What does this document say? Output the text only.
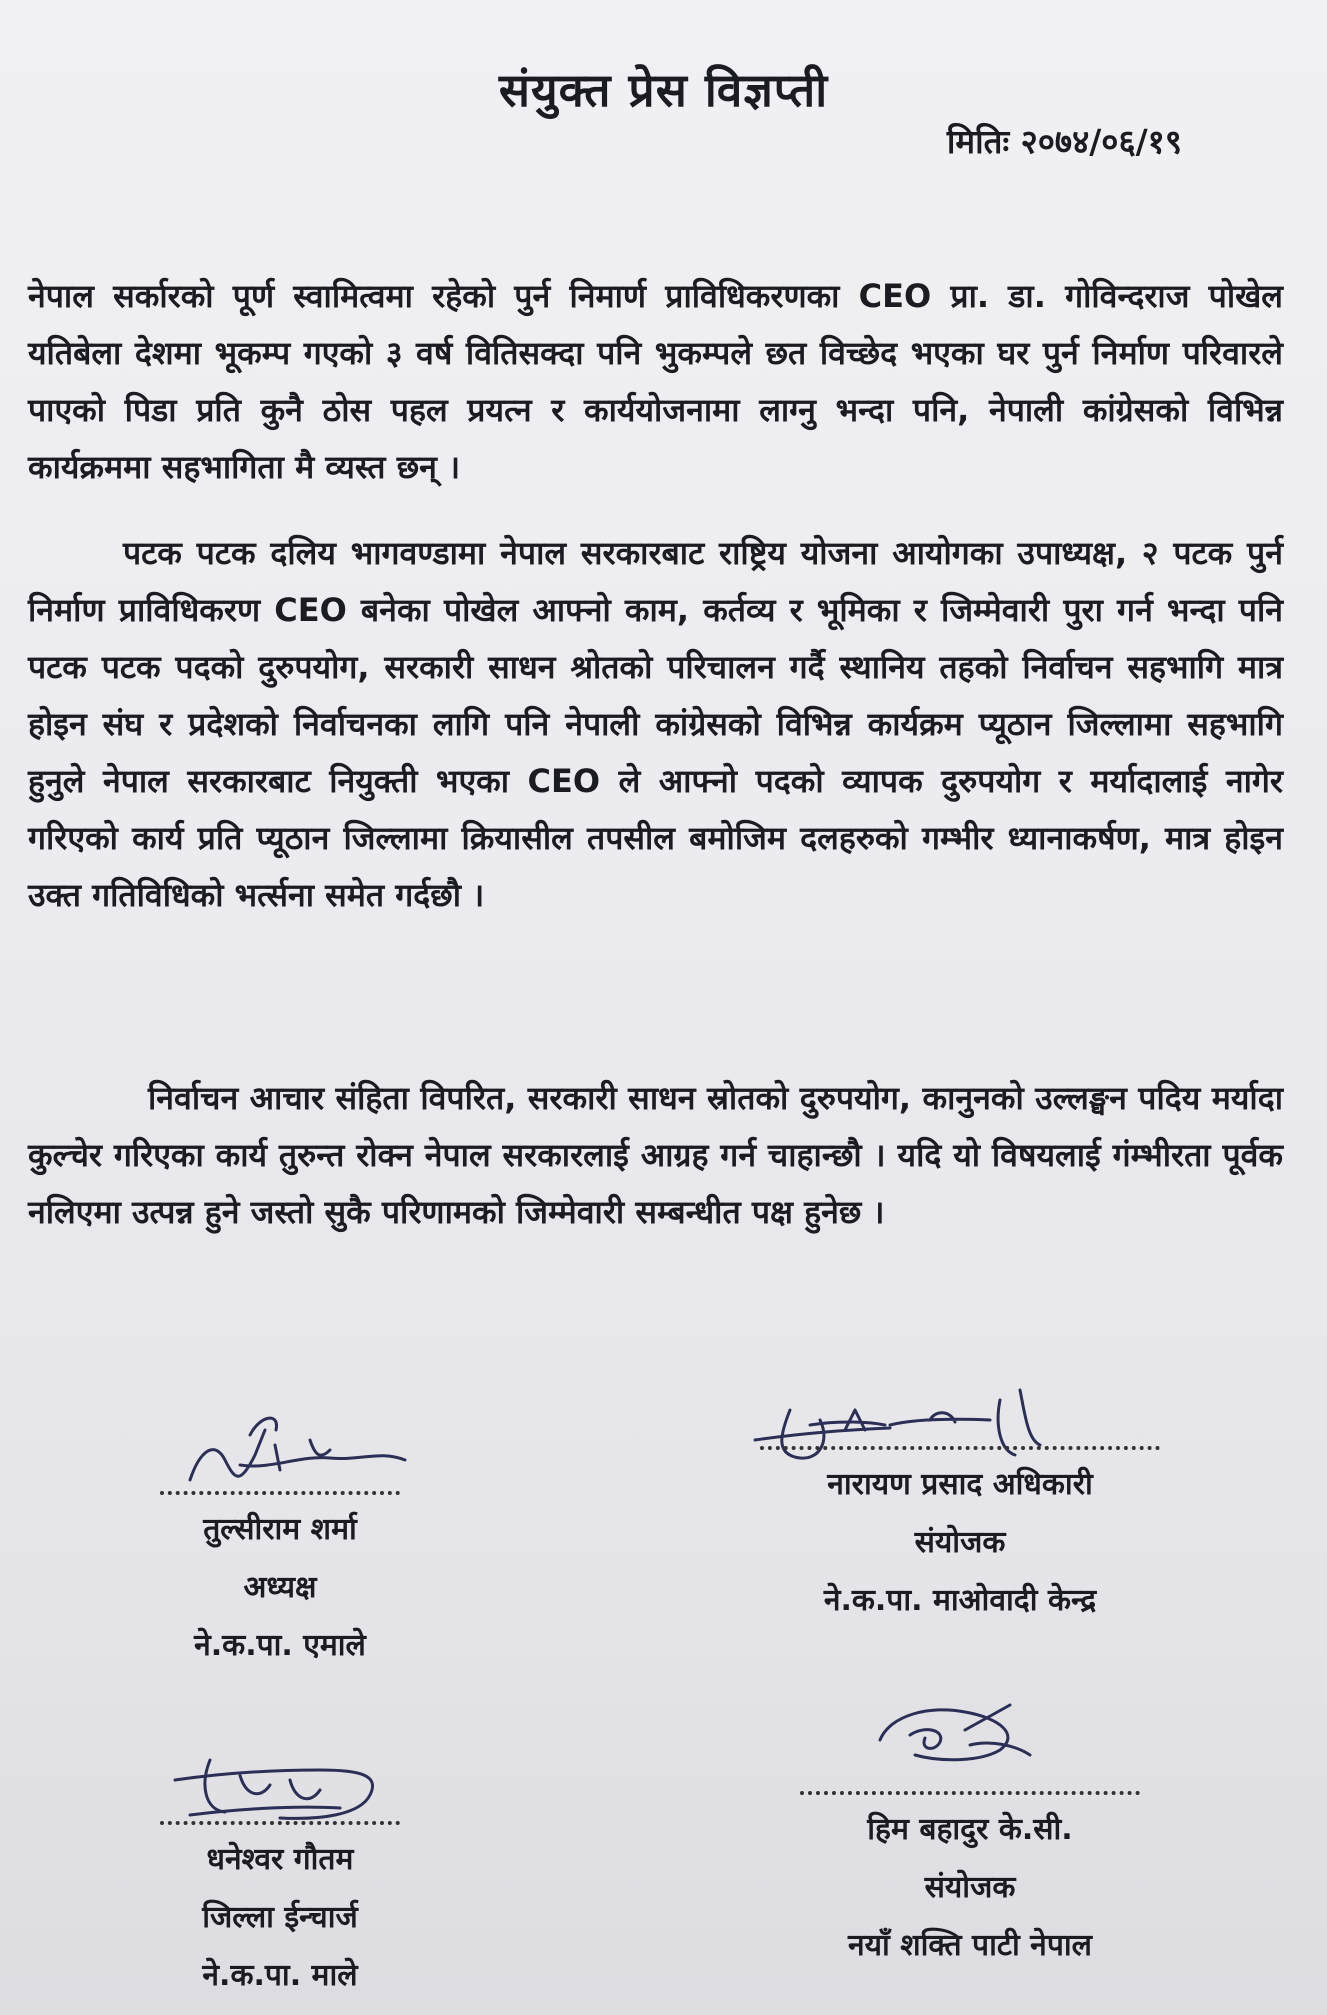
संयुक्त प्रेस विज्ञप्ती
मितिः २०७४/०६/१९

नेपाल सर्कारको पूर्ण स्वामित्वमा रहेको पुर्न निमार्ण प्राविधिकरणका CEO प्रा. डा. गोविन्दराज पोखेल यतिबेला देशमा भूकम्प गएको ३ वर्ष वितिसक्दा पनि भुकम्पले छत विच्छेद भएका घर पुर्न निर्माण परिवारले पाएको पिडा प्रति कुनै ठोस पहल प्रयत्न र कार्ययोजनामा लाग्नु भन्दा पनि, नेपाली कांग्रेसको विभिन्न कार्यक्रममा सहभागिता मै व्यस्त छन् ।

पटक पटक दलिय भागवण्डामा नेपाल सरकारबाट राष्ट्रिय योजना आयोगका उपाध्यक्ष, २ पटक पुर्न निर्माण प्राविधिकरण CEO बनेका पोखेल आफ्नो काम, कर्तव्य र भूमिका र जिम्मेवारी पुरा गर्न भन्दा पनि पटक पटक पदको दुरुपयोग, सरकारी साधन श्रोतको परिचालन गर्दै स्थानिय तहको निर्वाचन सहभागि मात्र होइन संघ र प्रदेशको निर्वाचनका लागि पनि नेपाली कांग्रेसको विभिन्न कार्यक्रम प्यूठान जिल्लामा सहभागि हुनुले नेपाल सरकारबाट नियुक्ती भएका CEO ले आफ्नो पदको व्यापक दुरुपयोग र मर्यादालाई नागेर गरिएको कार्य प्रति प्यूठान जिल्लामा क्रियासील तपसील बमोजिम दलहरुको गम्भीर ध्यानाकर्षण, मात्र होइन उक्त गतिविधिको भर्त्सना समेत गर्दछौ ।

निर्वाचन आचार संहिता विपरित, सरकारी साधन स्रोतको दुरुपयोग, कानुनको उल्लङ्घन पदिय मर्यादा कुल्चेर गरिएका कार्य तुरुन्त रोक्न नेपाल सरकारलाई आग्रह गर्न चाहान्छौ । यदि यो विषयलाई गंम्भीरता पूर्वक नलिएमा उत्पन्न हुने जस्तो सुकै परिणामको जिम्मेवारी सम्बन्धीत पक्ष हुनेछ ।

तुल्सीराम शर्मा
अध्यक्ष
ने.क.पा. एमाले
नारायण प्रसाद अधिकारी
संयोजक
ने.क.पा. माओवादी केन्द्र
धनेश्वर गौतम
जिल्ला ईन्चार्ज
ने.क.पा. माले
हिम बहादुर के.सी.
संयोजक
नयाँ शक्ति पाटी नेपाल
